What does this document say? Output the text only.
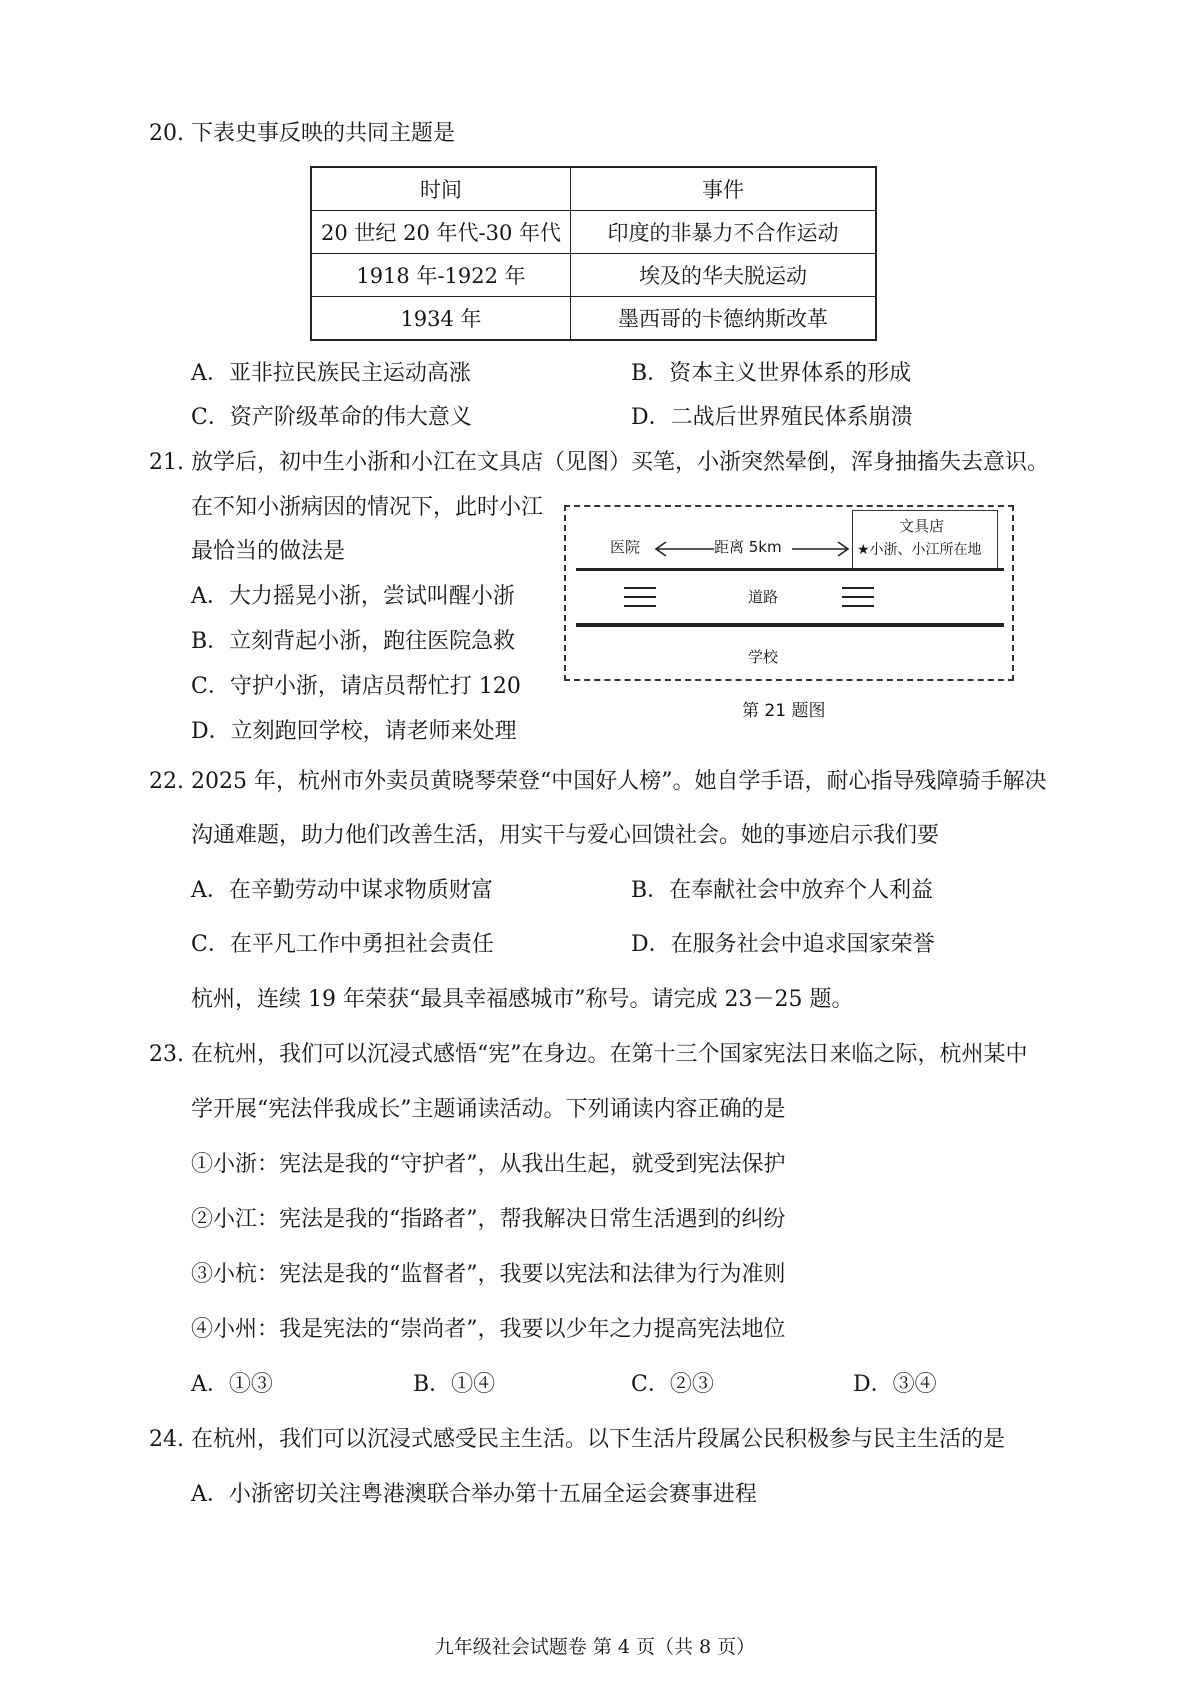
20. 下表史事反映的共同主题是
时间	事件
20 世纪 20 年代-30 年代	印度的非暴力不合作运动
1918 年-1922 年	埃及的华夫脱运动
1934 年	墨西哥的卡德纳斯改革
A．亚非拉民族民主运动高涨	B．资本主义世界体系的形成
C．资产阶级革命的伟大意义	D．二战后世界殖民体系崩溃
21. 放学后，初中生小浙和小江在文具店（见图）买笔，小浙突然晕倒，浑身抽搐失去意识。
在不知小浙病因的情况下，此时小江
最恰当的做法是
A．大力摇晃小浙，尝试叫醒小浙
B．立刻背起小浙，跑往医院急救
C．守护小浙，请店员帮忙打 120
D．立刻跑回学校，请老师来处理
医院	距离 5km
文具店
★小浙、小江所在地
道路
学校
第 21 题图
22. 2025 年，杭州市外卖员黄晓琴荣登“中国好人榜”。她自学手语，耐心指导残障骑手解决
沟通难题，助力他们改善生活，用实干与爱心回馈社会。她的事迹启示我们要
A．在辛勤劳动中谋求物质财富	B．在奉献社会中放弃个人利益
C．在平凡工作中勇担社会责任	D．在服务社会中追求国家荣誉
杭州，连续 19 年荣获“最具幸福感城市”称号。请完成 23－25 题。
23. 在杭州，我们可以沉浸式感悟“宪”在身边。在第十三个国家宪法日来临之际，杭州某中
学开展“宪法伴我成长”主题诵读活动。下列诵读内容正确的是
①小浙：宪法是我的“守护者”，从我出生起，就受到宪法保护
②小江：宪法是我的“指路者”，帮我解决日常生活遇到的纠纷
③小杭：宪法是我的“监督者”，我要以宪法和法律为行为准则
④小州：我是宪法的“崇尚者”，我要以少年之力提高宪法地位
A．①③	B．①④	C．②③	D．③④
24. 在杭州，我们可以沉浸式感受民主生活。以下生活片段属公民积极参与民主生活的是
A．小浙密切关注粤港澳联合举办第十五届全运会赛事进程
九年级社会试题卷 第 4 页（共 8 页）
